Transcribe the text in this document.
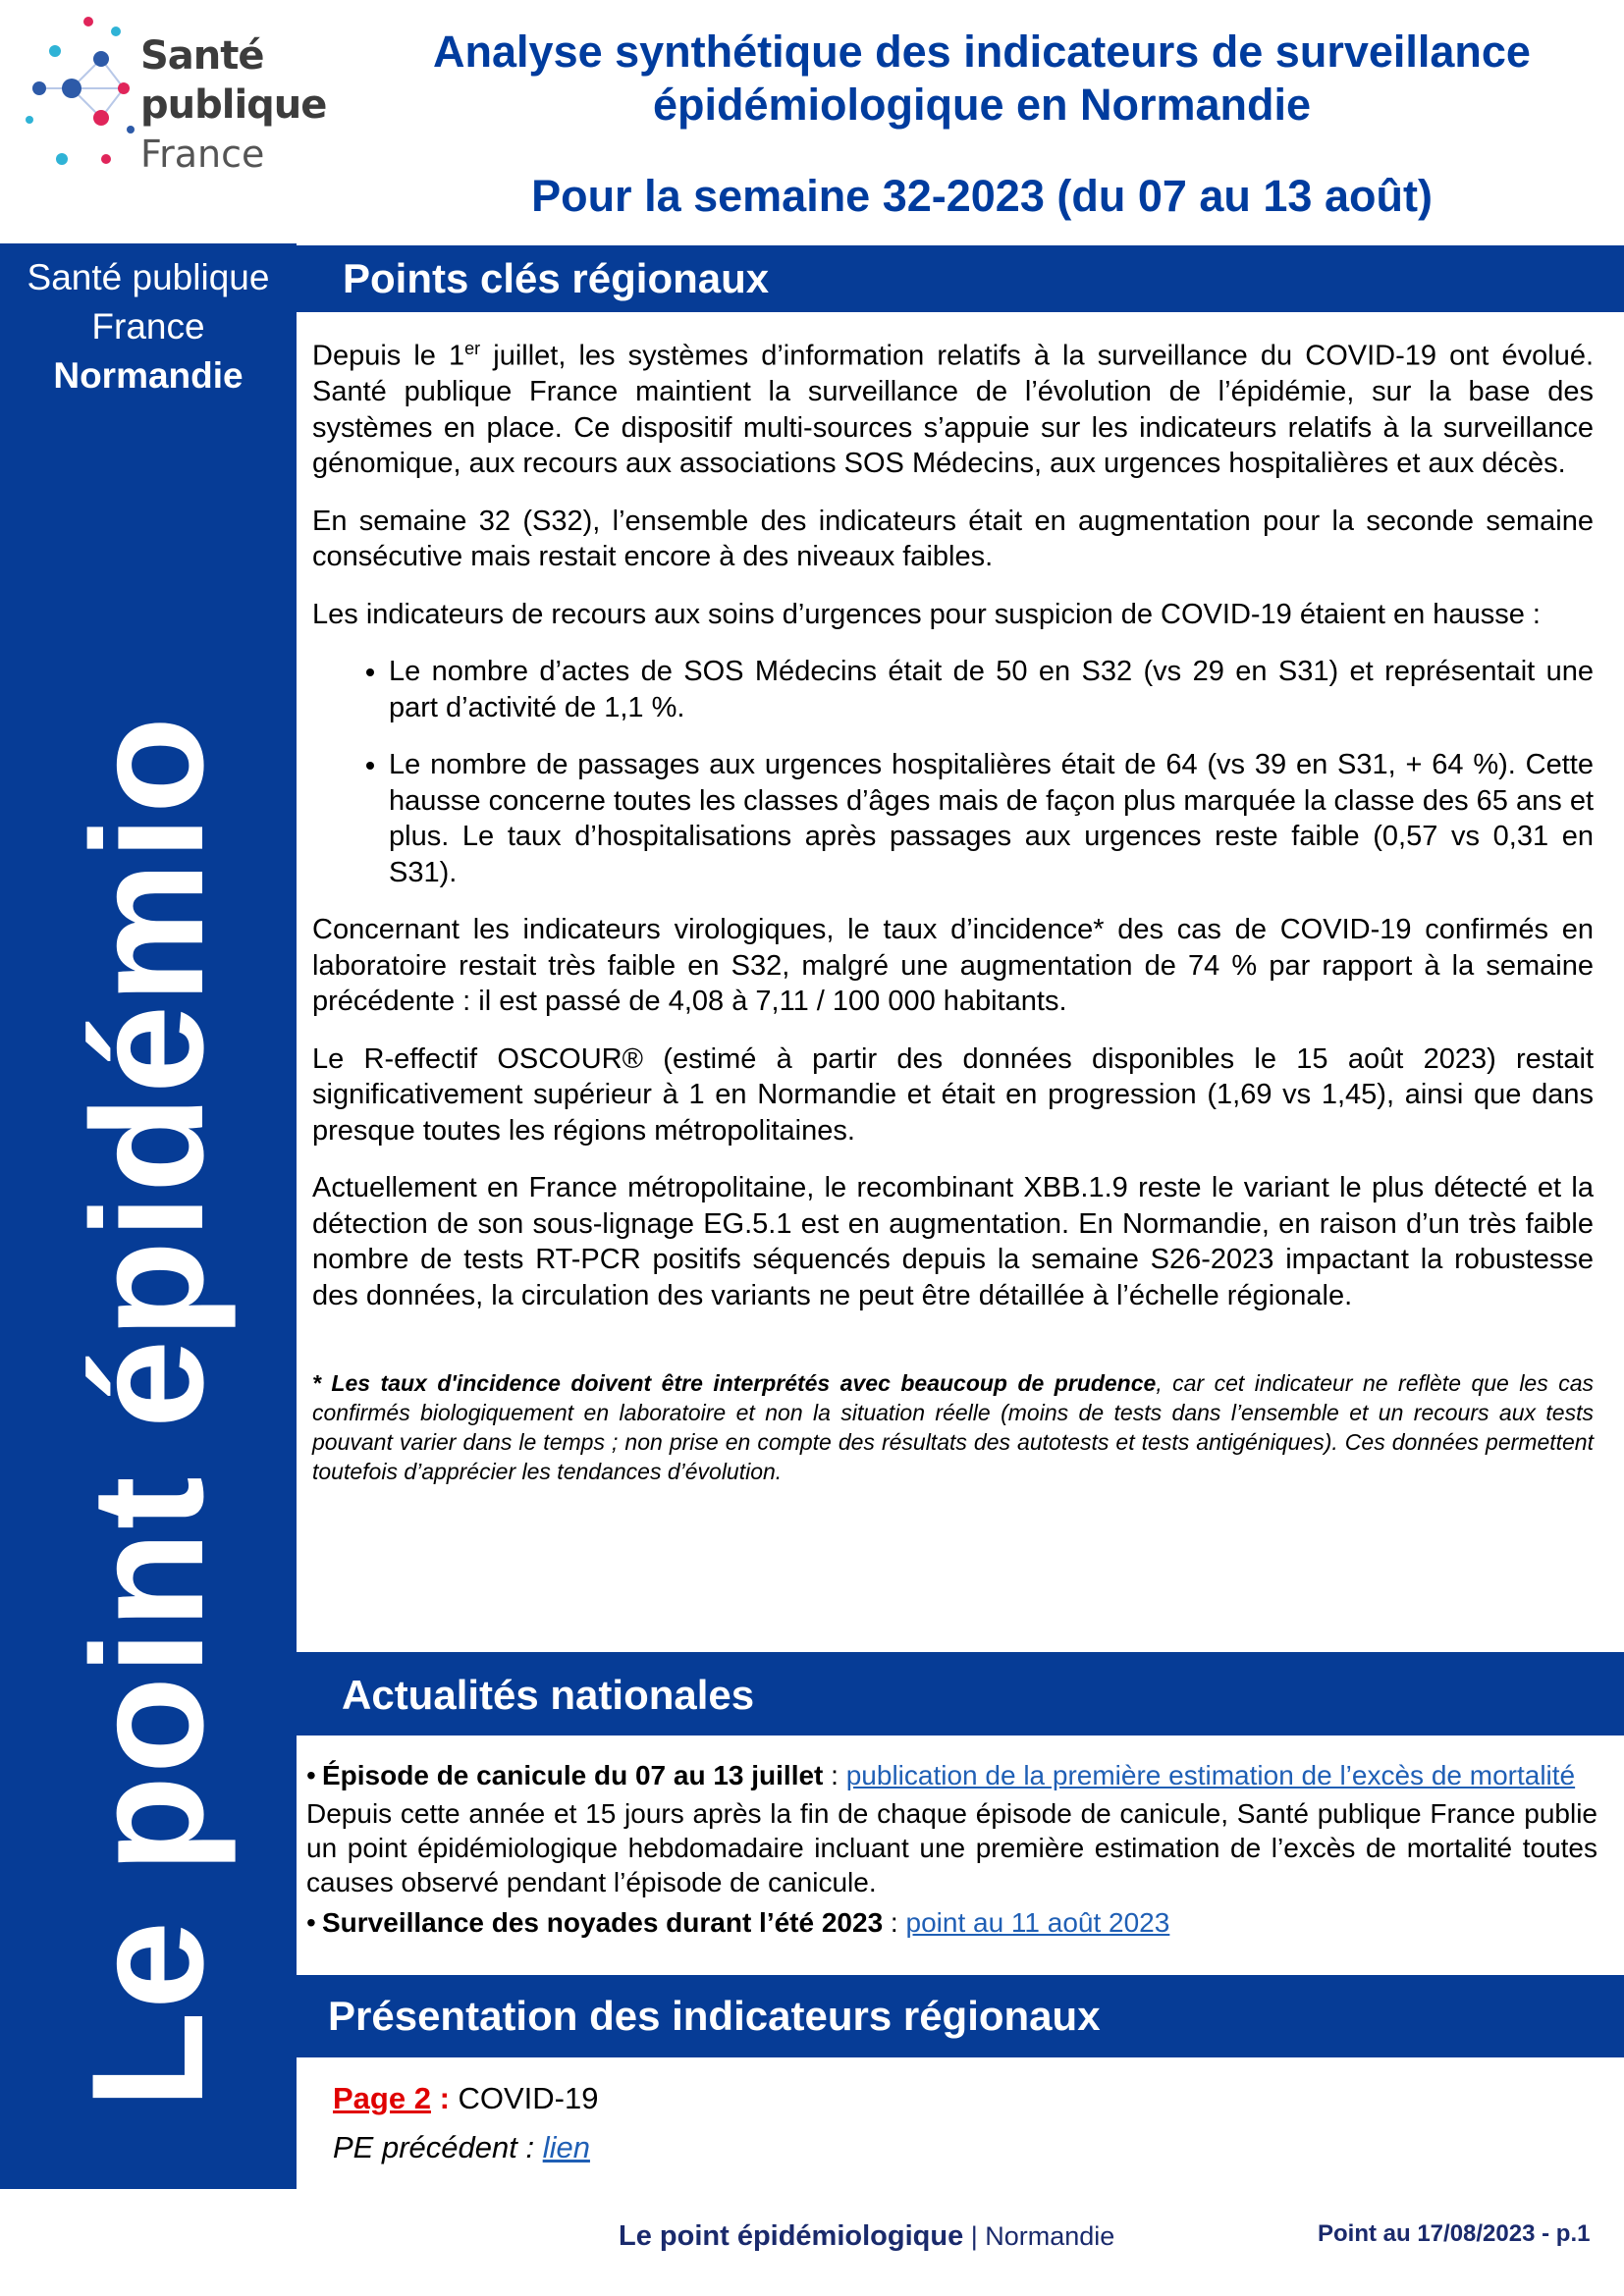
Santé
publique
France
Analyse synthétique des indicateurs de surveillance
épidémiologique en Normandie
Pour la semaine 32-2023 (du 07 au 13 août)
Santé publique
France
Normandie
Le point épidémio
Points clés régionaux

Depuis le 1er juillet, les systèmes d’information relatifs à la surveillance du COVID-19 ont évolué. Santé publique France maintient la surveillance de l’évolution de l’épidémie, sur la base des systèmes en place. Ce dispositif multi-sources s’appuie sur les indicateurs relatifs à la surveillance génomique, aux recours aux associations SOS Médecins, aux urgences hospitalières et aux décès.

En semaine 32 (S32), l’ensemble des indicateurs était en augmentation pour la seconde semaine consécutive mais restait encore à des niveaux faibles.

Les indicateurs de recours aux soins d’urgences pour suspicion de COVID-19 étaient en hausse :

• Le nombre d’actes de SOS Médecins était de 50 en S32 (vs 29 en S31) et représentait une part d’activité de 1,1 %.
• Le nombre de passages aux urgences hospitalières était de 64 (vs 39 en S31, + 64 %). Cette hausse concerne toutes les classes d’âges mais de façon plus marquée la classe des 65 ans et plus. Le taux d’hospitalisations après passages aux urgences reste faible (0,57 vs 0,31 en S31).

Concernant les indicateurs virologiques, le taux d’incidence* des cas de COVID-19 confirmés en laboratoire restait très faible en S32, malgré une augmentation de 74 % par rapport à la semaine précédente : il est passé de 4,08 à 7,11 / 100 000 habitants.

Le R-effectif OSCOUR® (estimé à partir des données disponibles le 15 août 2023) restait significativement supérieur à 1 en Normandie et était en progression (1,69 vs 1,45), ainsi que dans presque toutes les régions métropolitaines.

Actuellement en France métropolitaine, le recombinant XBB.1.9 reste le variant le plus détecté et la détection de son sous-lignage EG.5.1 est en augmentation. En Normandie, en raison d’un très faible nombre de tests RT-PCR positifs séquencés depuis la semaine S26-2023 impactant la robustesse des données, la circulation des variants ne peut être détaillée à l’échelle régionale.

* Les taux d'incidence doivent être interprétés avec beaucoup de prudence, car cet indicateur ne reflète que les cas confirmés biologiquement en laboratoire et non la situation réelle (moins de tests dans l’ensemble et un recours aux tests pouvant varier dans le temps ; non prise en compte des résultats des autotests et tests antigéniques). Ces données permettent toutefois d’apprécier les tendances d’évolution.
Actualités nationales
• Épisode de canicule du 07 au 13 juillet : publication de la première estimation de l’excès de mortalité

Depuis cette année et 15 jours après la fin de chaque épisode de canicule, Santé publique France publie un point épidémiologique hebdomadaire incluant une première estimation de l’excès de mortalité toutes causes observé pendant l’épisode de canicule.

• Surveillance des noyades durant l’été 2023 : point au 11 août 2023
Présentation des indicateurs régionaux
Page 2 : COVID-19
PE précédent : lien
Le point épidémiologique | Normandie	Point au 17/08/2023 - p.1
